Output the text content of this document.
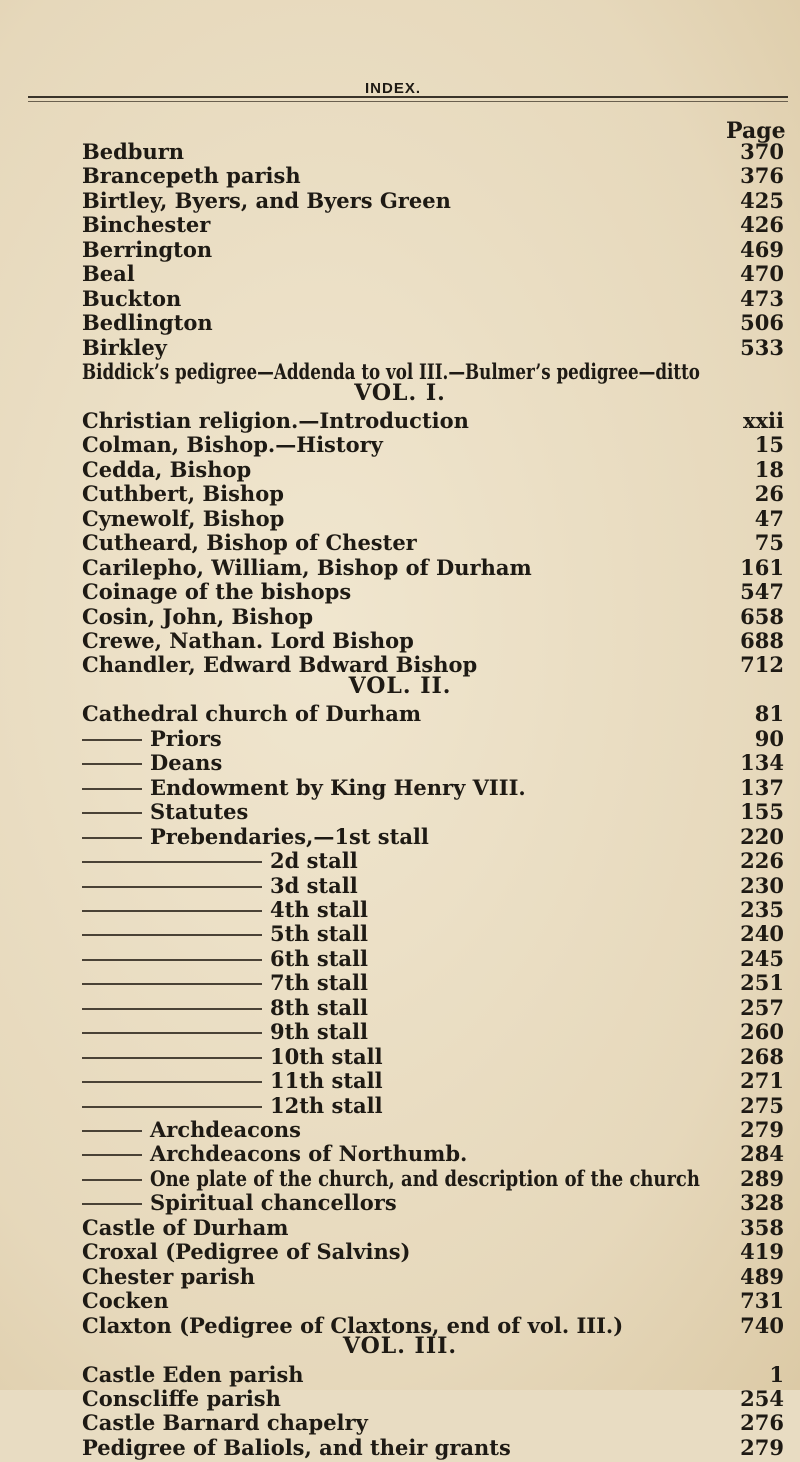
INDEX.
Page
Bedburn	370
Brancepeth parish	376
Birtley, Byers, and Byers Green	425
Binchester	426
Berrington	469
Beal	470
Buckton	473
Bedlington	506
Birkley	533
Biddick’s pedigree—Addenda to vol III.—Bulmer’s pedigree—ditto
VOL. I.
Christian religion.—Introduction	xxii
Colman, Bishop.—History	15
Cedda, Bishop	18
Cuthbert, Bishop	26
Cynewolf, Bishop	47
Cutheard, Bishop of Chester	75
Carilepho, William, Bishop of Durham	161
Coinage of the bishops	547
Cosin, John, Bishop	658
Crewe, Nathan. Lord Bishop	688
Chandler, Edward Bdward Bishop	712
VOL. II.
Cathedral church of Durham	81
Priors	90
Deans	134
Endowment by King Henry VIII.	137
Statutes	155
Prebendaries,—1st stall	220
2d stall	226
3d stall	230
4th stall	235
5th stall	240
6th stall	245
7th stall	251
8th stall	257
9th stall	260
10th stall	268
11th stall	271
12th stall	275
Archdeacons	279
Archdeacons of Northumb.	284
One plate of the church, and description of the church	289
Spiritual chancellors	328
Castle of Durham	358
Croxal (Pedigree of Salvins)	419
Chester parish	489
Cocken	731
Claxton (Pedigree of Claxtons, end of vol. III.)	740
VOL. III.
Castle Eden parish	1
Conscliffe parish	254
Castle Barnard chapelry	276
Pedigree of Baliols, and their grants	279
